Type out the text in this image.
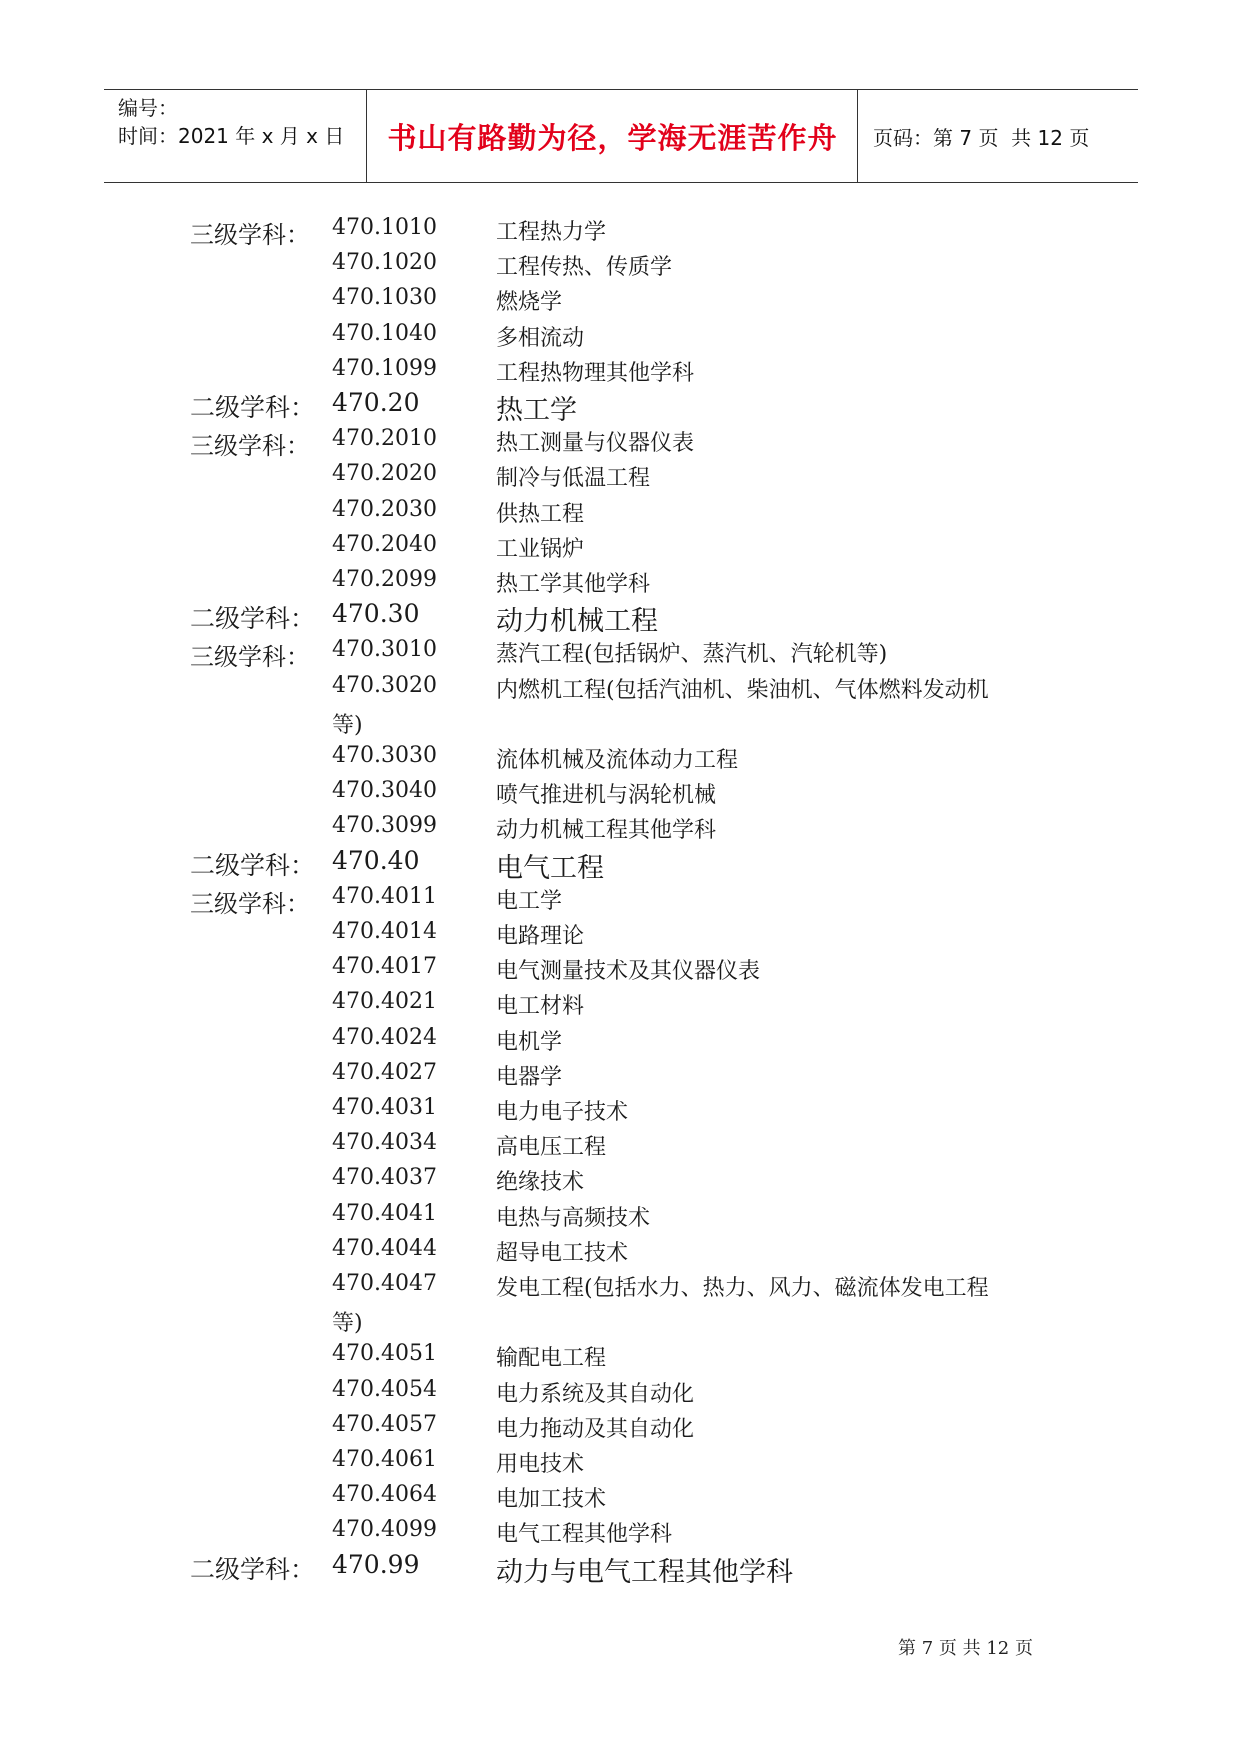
编号：
时间：2021 年 x 月 x 日	书山有路勤为径，学海无涯苦作舟	页码：第 7 页  共 12 页
三级学科： 470.1010	工程热力学
470.1020	工程传热、传质学
470.1030	燃烧学
470.1040	多相流动
470.1099	工程热物理其他学科
二级学科： 470.20	热工学
三级学科： 470.2010	热工测量与仪器仪表
470.2020	制冷与低温工程
470.2030	供热工程
470.2040	工业锅炉
470.2099	热工学其他学科
二级学科： 470.30	动力机械工程
三级学科： 470.3010	蒸汽工程(包括锅炉、蒸汽机、汽轮机等)
470.3020	内燃机工程(包括汽油机、柴油机、气体燃料发动机
等)
470.3030	流体机械及流体动力工程
470.3040	喷气推进机与涡轮机械
470.3099	动力机械工程其他学科
二级学科： 470.40	电气工程
三级学科： 470.4011	电工学
470.4014	电路理论
470.4017	电气测量技术及其仪器仪表
470.4021	电工材料
470.4024	电机学
470.4027	电器学
470.4031	电力电子技术
470.4034	高电压工程
470.4037	绝缘技术
470.4041	电热与高频技术
470.4044	超导电工技术
470.4047	发电工程(包括水力、热力、风力、磁流体发电工程
等)
470.4051	输配电工程
470.4054	电力系统及其自动化
470.4057	电力拖动及其自动化
470.4061	用电技术
470.4064	电加工技术
470.4099	电气工程其他学科
二级学科： 470.99	动力与电气工程其他学科
第 7 页 共 12 页
